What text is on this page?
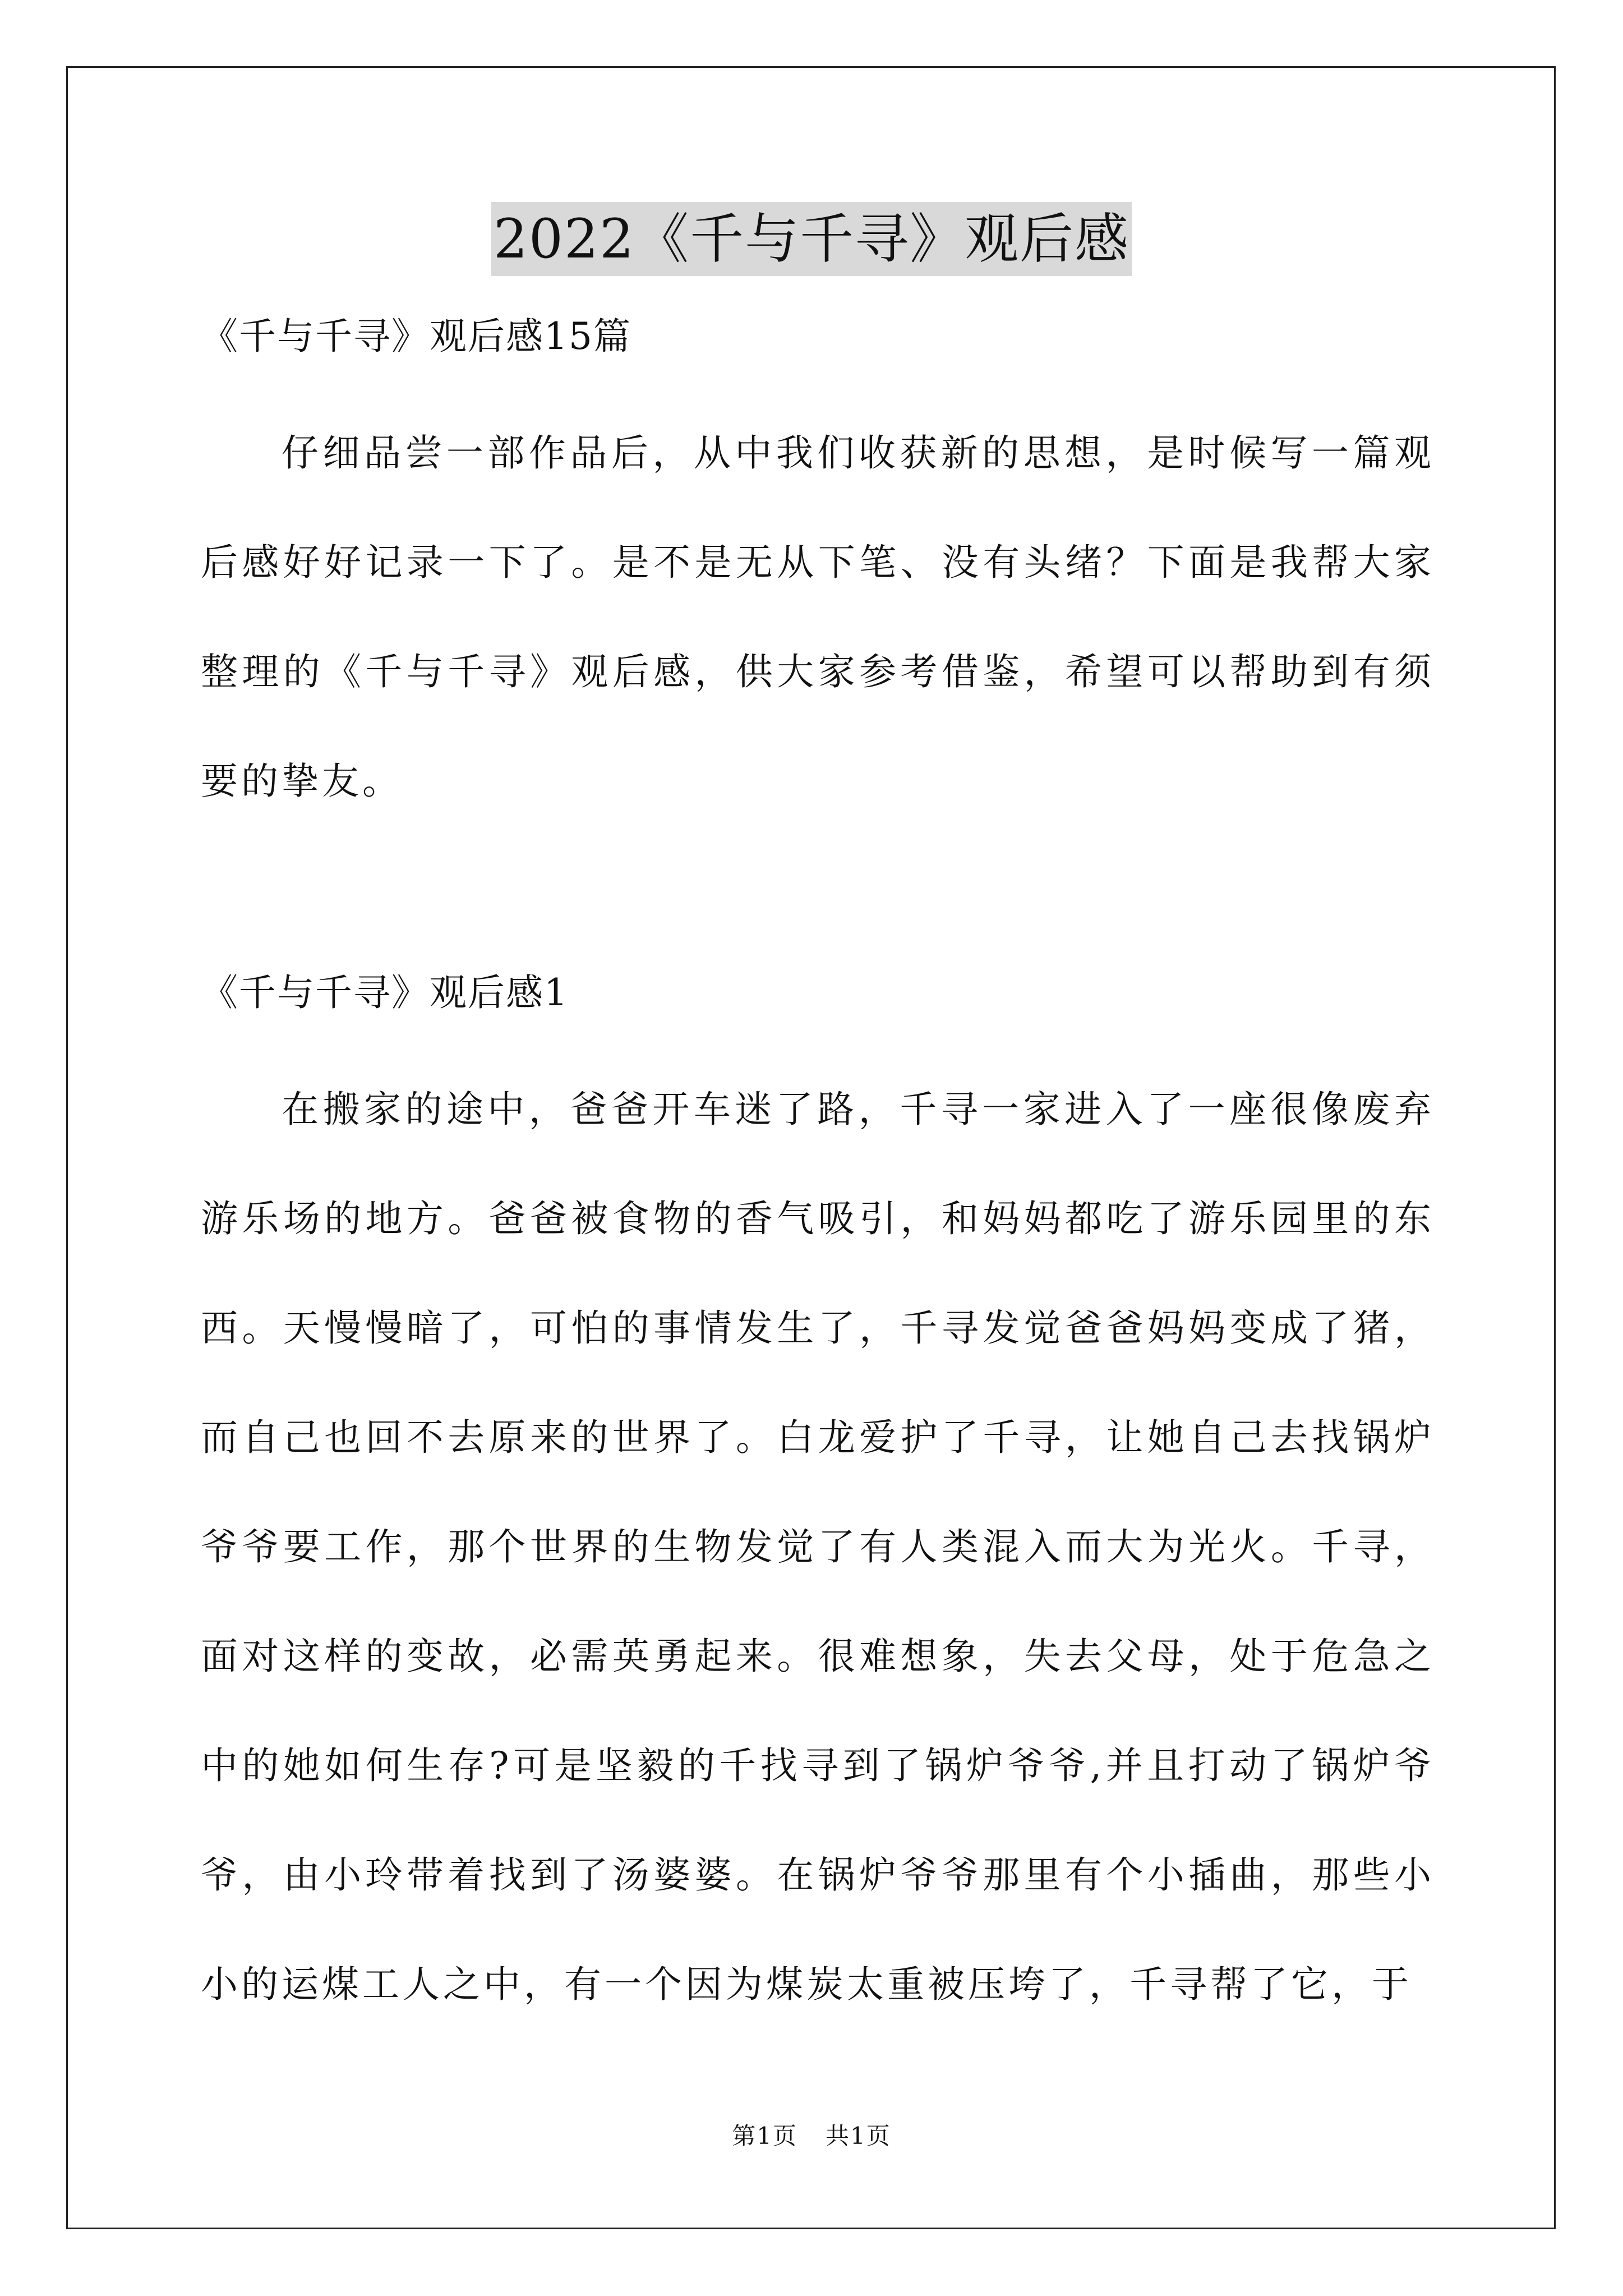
2022《千与千寻》观后感

《千与千寻》观后感15篇

仔细品尝一部作品后，从中我们收获新的思想，是时候写一篇观后感好好记录一下了。是不是无从下笔、没有头绪？下面是我帮大家整理的《千与千寻》观后感，供大家参考借鉴，希望可以帮助到有须要的挚友。

《千与千寻》观后感1

在搬家的途中，爸爸开车迷了路，千寻一家进入了一座很像废弃游乐场的地方。爸爸被食物的香气吸引，和妈妈都吃了游乐园里的东西。天慢慢暗了，可怕的事情发生了，千寻发觉爸爸妈妈变成了猪，而自己也回不去原来的世界了。白龙爱护了千寻，让她自己去找锅炉爷爷要工作，那个世界的生物发觉了有人类混入而大为光火。千寻，面对这样的变故，必需英勇起来。很难想象，失去父母，处于危急之中的她如何生存?可是坚毅的千找寻到了锅炉爷爷,并且打动了锅炉爷爷，由小玲带着找到了汤婆婆。在锅炉爷爷那里有个小插曲，那些小小的运煤工人之中，有一个因为煤炭太重被压垮了，千寻帮了它，于

第1页 共1页
